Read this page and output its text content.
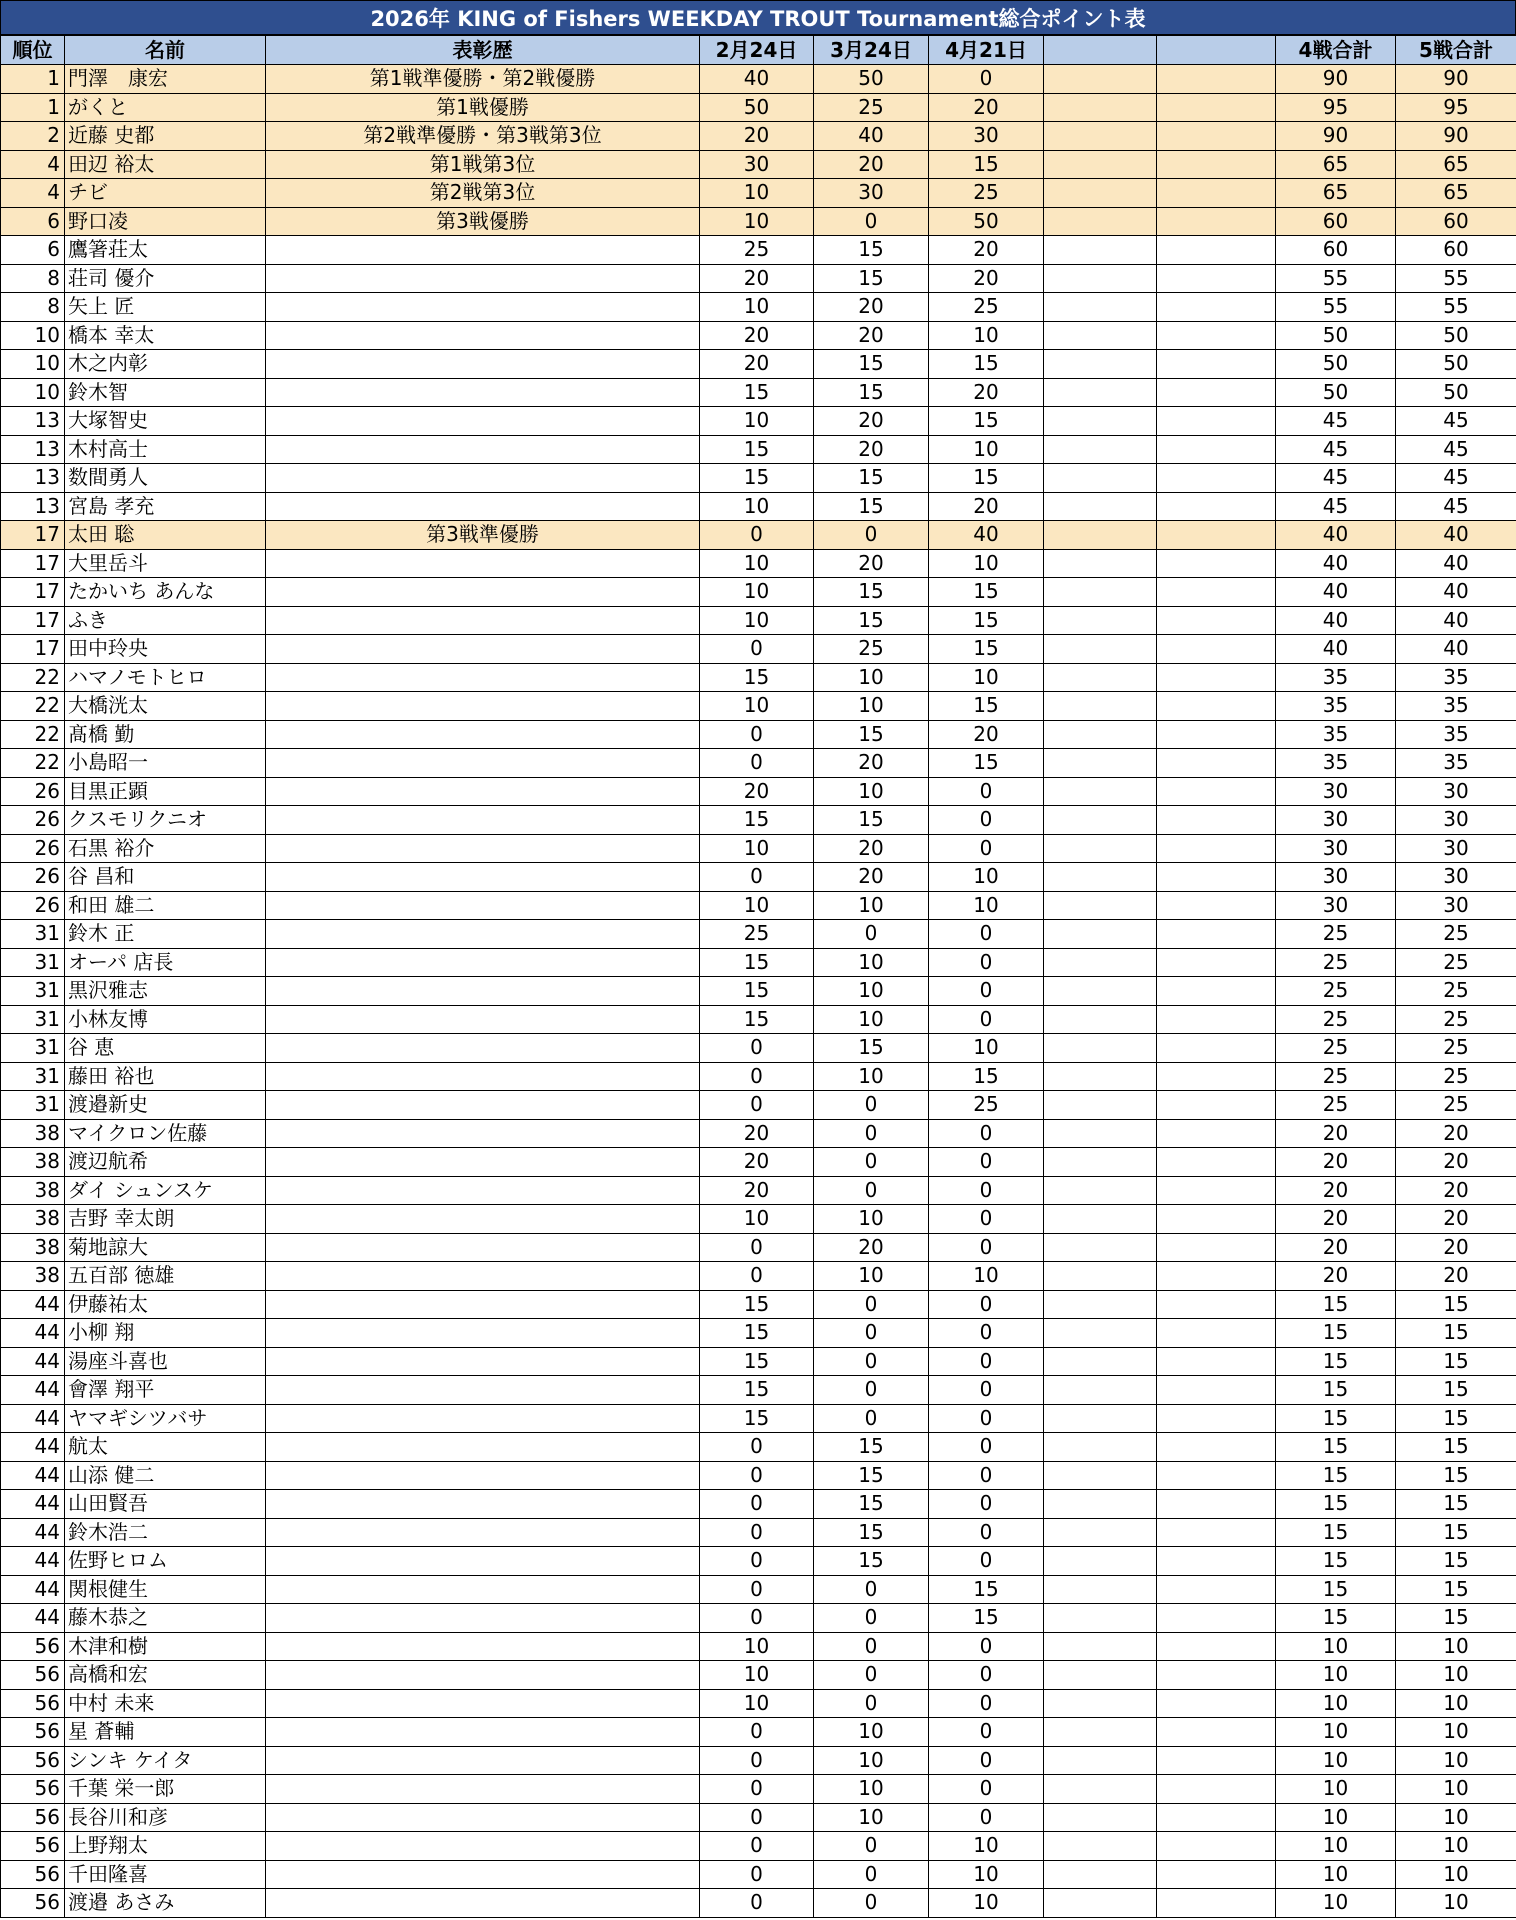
2026年 KING of Fishers WEEKDAY TROUT Tournament総合ポイント表
順位	名前	表彰歴	2月24日	3月24日	4月21日			4戦合計	5戦合計
1	門澤　康宏	第1戦準優勝・第2戦優勝	40	50	0			90	90
1	がくと	第1戦優勝	50	25	20			95	95
2	近藤 史都	第2戦準優勝・第3戦第3位	20	40	30			90	90
4	田辺 裕太	第1戦第3位	30	20	15			65	65
4	チビ	第2戦第3位	10	30	25			65	65
6	野口凌	第3戦優勝	10	0	50			60	60
6	鷹箸荘太		25	15	20			60	60
8	荘司 優介		20	15	20			55	55
8	矢上 匠		10	20	25			55	55
10	橋本 幸太		20	20	10			50	50
10	木之内彰		20	15	15			50	50
10	鈴木智		15	15	20			50	50
13	大塚智史		10	20	15			45	45
13	木村高士		15	20	10			45	45
13	数間勇人		15	15	15			45	45
13	宮島 孝充		10	15	20			45	45
17	太田 聡	第3戦準優勝	0	0	40			40	40
17	大里岳斗		10	20	10			40	40
17	たかいち あんな		10	15	15			40	40
17	ふき		10	15	15			40	40
17	田中玲央		0	25	15			40	40
22	ハマノモトヒロ		15	10	10			35	35
22	大橋洸太		10	10	15			35	35
22	髙橋 勤		0	15	20			35	35
22	小島昭一		0	20	15			35	35
26	目黒正顕		20	10	0			30	30
26	クスモリクニオ		15	15	0			30	30
26	石黒 裕介		10	20	0			30	30
26	谷 昌和		0	20	10			30	30
26	和田 雄二		10	10	10			30	30
31	鈴木 正		25	0	0			25	25
31	オーパ 店長		15	10	0			25	25
31	黒沢雅志		15	10	0			25	25
31	小林友博		15	10	0			25	25
31	谷 恵		0	15	10			25	25
31	藤田 裕也		0	10	15			25	25
31	渡邉新史		0	0	25			25	25
38	マイクロン佐藤		20	0	0			20	20
38	渡辺航希		20	0	0			20	20
38	ダイ シュンスケ		20	0	0			20	20
38	吉野 幸太朗		10	10	0			20	20
38	菊地諒大		0	20	0			20	20
38	五百部 徳雄		0	10	10			20	20
44	伊藤祐太		15	0	0			15	15
44	小柳 翔		15	0	0			15	15
44	湯座斗喜也		15	0	0			15	15
44	會澤 翔平		15	0	0			15	15
44	ヤマギシツバサ		15	0	0			15	15
44	航太		0	15	0			15	15
44	山添 健二		0	15	0			15	15
44	山田賢吾		0	15	0			15	15
44	鈴木浩二		0	15	0			15	15
44	佐野ヒロム		0	15	0			15	15
44	関根健生		0	0	15			15	15
44	藤木恭之		0	0	15			15	15
56	木津和樹		10	0	0			10	10
56	高橋和宏		10	0	0			10	10
56	中村 未来		10	0	0			10	10
56	星 蒼輔		0	10	0			10	10
56	シンキ ケイタ		0	10	0			10	10
56	千葉 栄一郎		0	10	0			10	10
56	長谷川和彦		0	10	0			10	10
56	上野翔太		0	0	10			10	10
56	千田隆喜		0	0	10			10	10
56	渡邉 あさみ		0	0	10			10	10
